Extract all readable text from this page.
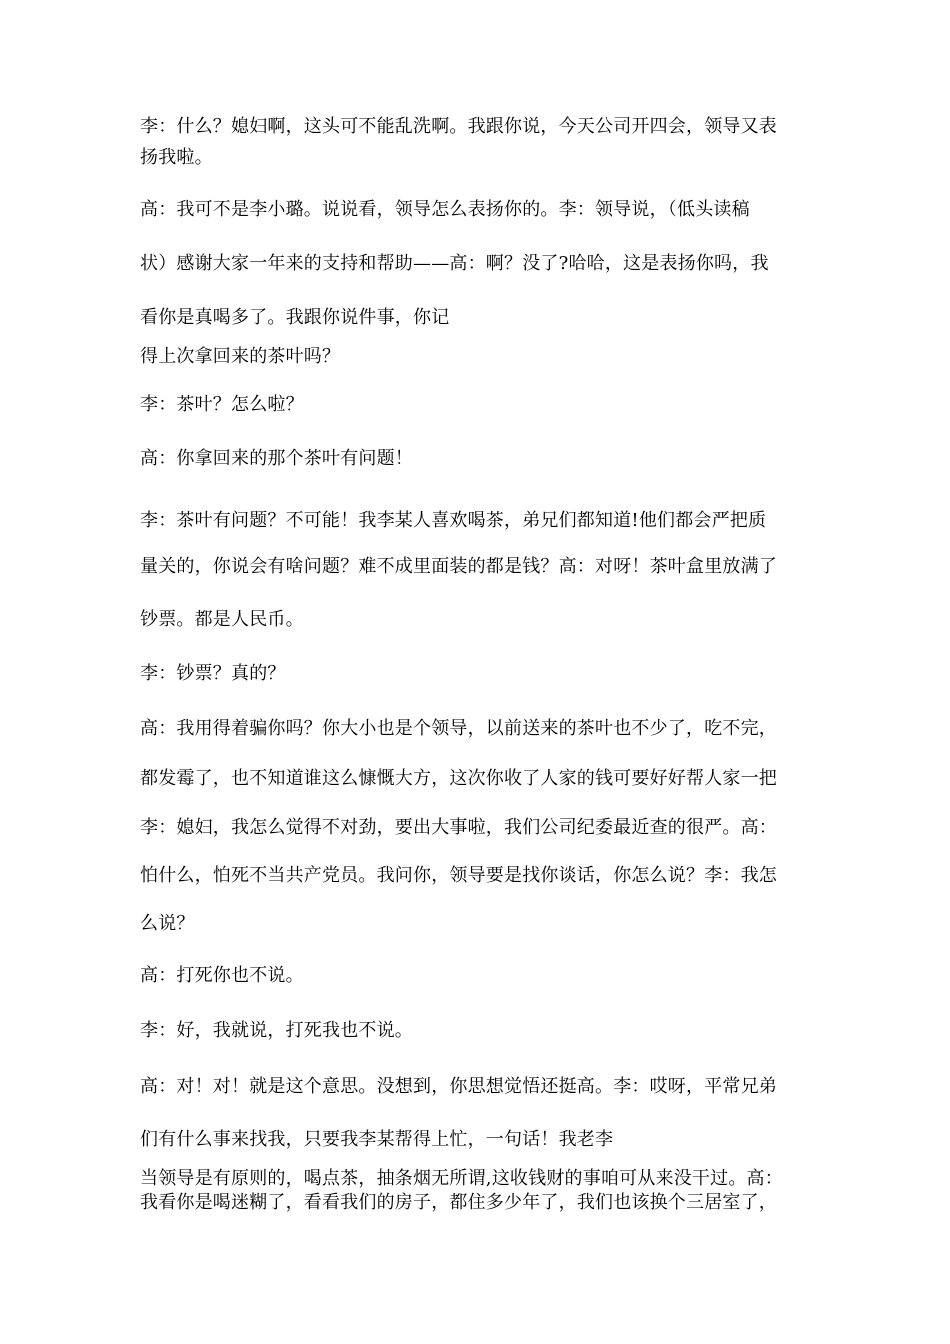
李：什么？媳妇啊，这头可不能乱洗啊。我跟你说，今天公司开四会，领导又表
扬我啦。
高：我可不是李小璐。说说看，领导怎么表扬你的。李：领导说，（低头读稿
状）感谢大家一年来的支持和帮助——高：啊？没了?哈哈，这是表扬你吗，我
看你是真喝多了。我跟你说件事，你记
得上次拿回来的茶叶吗？
李：茶叶？怎么啦？
高：你拿回来的那个茶叶有问题！
李：茶叶有问题？不可能！我李某人喜欢喝茶，弟兄们都知道!他们都会严把质
量关的，你说会有啥问题？难不成里面装的都是钱？高：对呀！茶叶盒里放满了
钞票。都是人民币。
李：钞票？真的？
高：我用得着骗你吗？你大小也是个领导，以前送来的茶叶也不少了，吃不完，
都发霉了，也不知道谁这么慷慨大方，这次你收了人家的钱可要好好帮人家一把
李：媳妇，我怎么觉得不对劲，要出大事啦，我们公司纪委最近查的很严。高：
怕什么，怕死不当共产党员。我问你，领导要是找你谈话，你怎么说？李：我怎
么说？
高：打死你也不说。
李：好，我就说，打死我也不说。
高：对！对！就是这个意思。没想到，你思想觉悟还挺高。李：哎呀，平常兄弟
们有什么事来找我，只要我李某帮得上忙，一句话！我老李
当领导是有原则的，喝点茶，抽条烟无所谓,这收钱财的事咱可从来没干过。高：
我看你是喝迷糊了，看看我们的房子，都住多少年了，我们也该换个三居室了，
